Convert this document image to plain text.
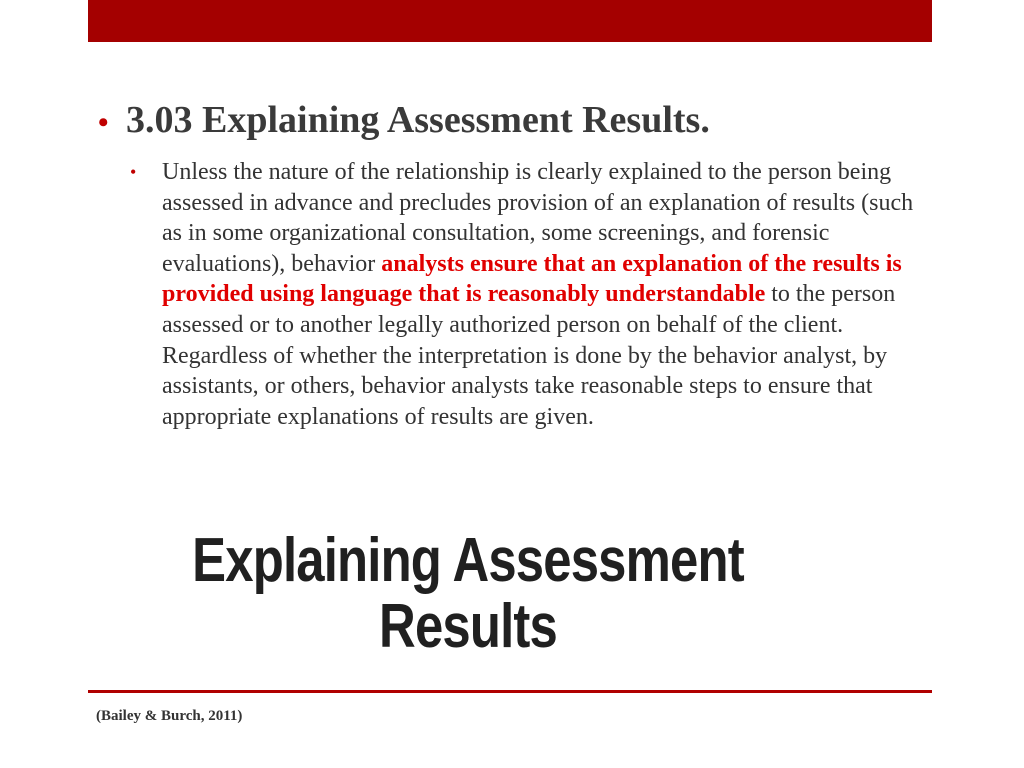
• 3.03 Explaining Assessment Results.
•	Unless the nature of the relationship is clearly explained to the person being assessed in advance and precludes provision of an explanation of results (such as in some organizational consultation, some screenings, and forensic evaluations), behavior analysts ensure that an explanation of the results is provided using language that is reasonably understandable to the person assessed or to another legally authorized person on behalf of the client. Regardless of whether the interpretation is done by the behavior analyst, by assistants, or others, behavior analysts take reasonable steps to ensure that appropriate explanations of results are given.
Explaining Assessment
Results
(Bailey & Burch, 2011)
